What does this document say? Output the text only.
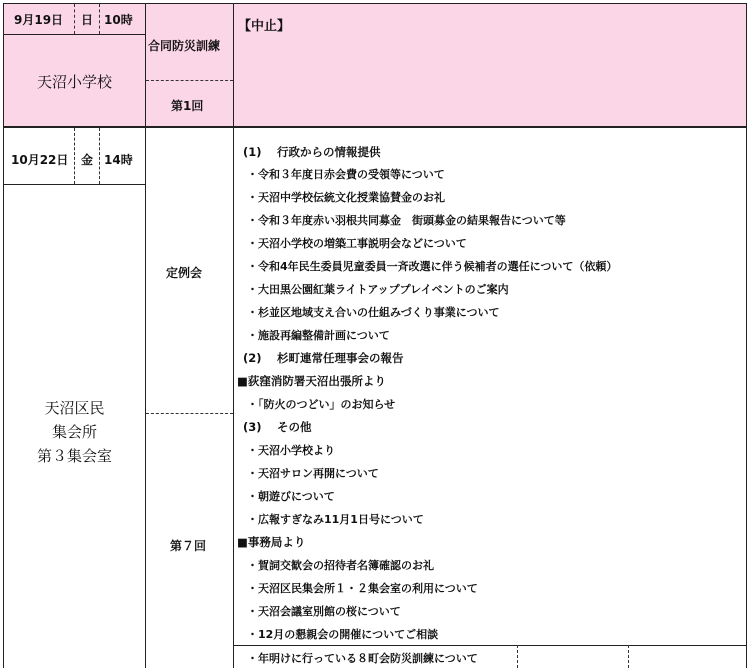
9月19日 日 10時
天沼小学校
合同防災訓練
第1回
【中止】
10月22日 金 14時
天沼区民
集会所
第３集会室
定例会
第７回
(1)　 行政からの情報提供
・令和３年度日赤会費の受領等について
・天沼中学校伝統文化授業協賛金のお礼
・令和３年度赤い羽根共同募金　街頭募金の結果報告について等
・天沼小学校の増築工事説明会などについて
・令和4年民生委員児童委員一斉改選に伴う候補者の選任について（依頼）
・大田黒公園紅葉ライトアッププレイベントのご案内
・杉並区地域支え合いの仕組みづくり事業について
・施設再編整備計画について
(2)　 杉町連常任理事会の報告
■荻窪消防署天沼出張所より
・「防火のつどい」のお知らせ
(3)　 その他
・天沼小学校より
・天沼サロン再開について
・朝遊びについて
・広報すぎなみ11月1日号について
■事務局より
・賀詞交歓会の招待者名簿確認のお礼
・天沼区民集会所１・２集会室の利用について
・天沼会議室別館の桜について
・12月の懇親会の開催についてご相談
・年明けに行っている８町会防災訓練について
